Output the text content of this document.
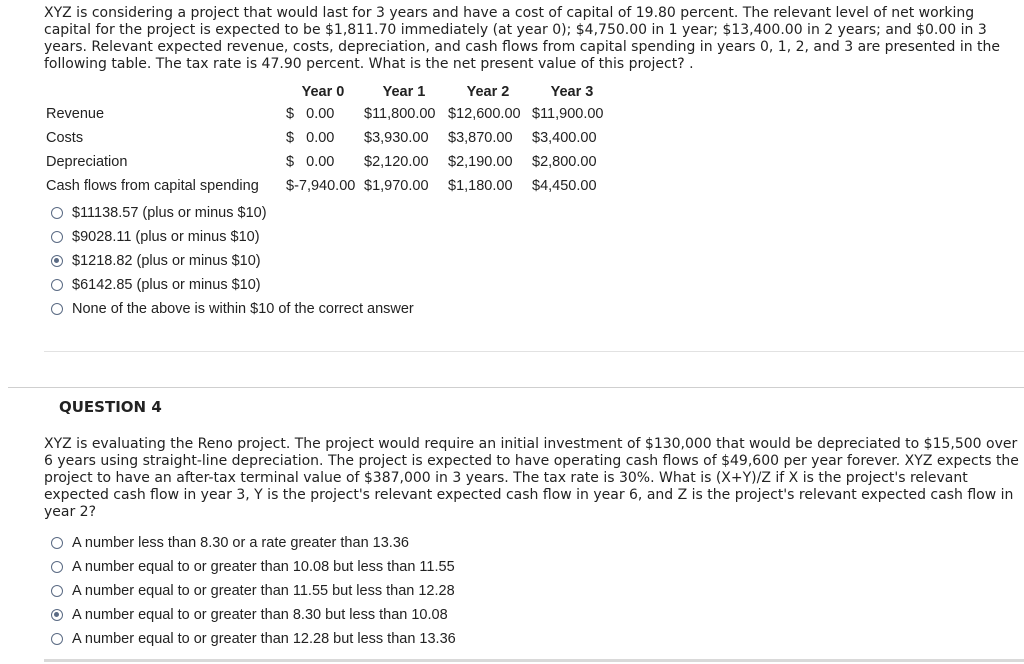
XYZ is considering a project that would last for 3 years and have a cost of capital of 19.80 percent. The relevant level of net working capital for the project is expected to be $1,811.70 immediately (at year 0); $4,750.00 in 1 year; $13,400.00 in 2 years; and $0.00 in 3 years. Relevant expected revenue, costs, depreciation, and cash flows from capital spending in years 0, 1, 2, and 3 are presented in the following table. The tax rate is 47.90 percent. What is the net present value of this project? .
	Year 0	Year 1	Year 2	Year 3
Revenue	$   0.00	$11,800.00	$12,600.00	$11,900.00
Costs	$   0.00	$3,930.00	$3,870.00	$3,400.00
Depreciation	$   0.00	$2,120.00	$2,190.00	$2,800.00
Cash flows from capital spending	$-7,940.00	$1,970.00	$1,180.00	$4,450.00
$11138.57 (plus or minus $10)
$9028.11 (plus or minus $10)
$1218.82 (plus or minus $10)
$6142.85 (plus or minus $10)
None of the above is within $10 of the correct answer
QUESTION 4
XYZ is evaluating the Reno project. The project would require an initial investment of $130,000 that would be depreciated to $15,500 over 6 years using straight-line depreciation. The project is expected to have operating cash flows of $49,600 per year forever. XYZ expects the project to have an after-tax terminal value of $387,000 in 3 years. The tax rate is 30%. What is (X+Y)/Z if X is the project's relevant expected cash flow in year 3, Y is the project's relevant expected cash flow in year 6, and Z is the project's relevant expected cash flow in year 2?
A number less than 8.30 or a rate greater than 13.36
A number equal to or greater than 10.08 but less than 11.55
A number equal to or greater than 11.55 but less than 12.28
A number equal to or greater than 8.30 but less than 10.08
A number equal to or greater than 12.28 but less than 13.36
